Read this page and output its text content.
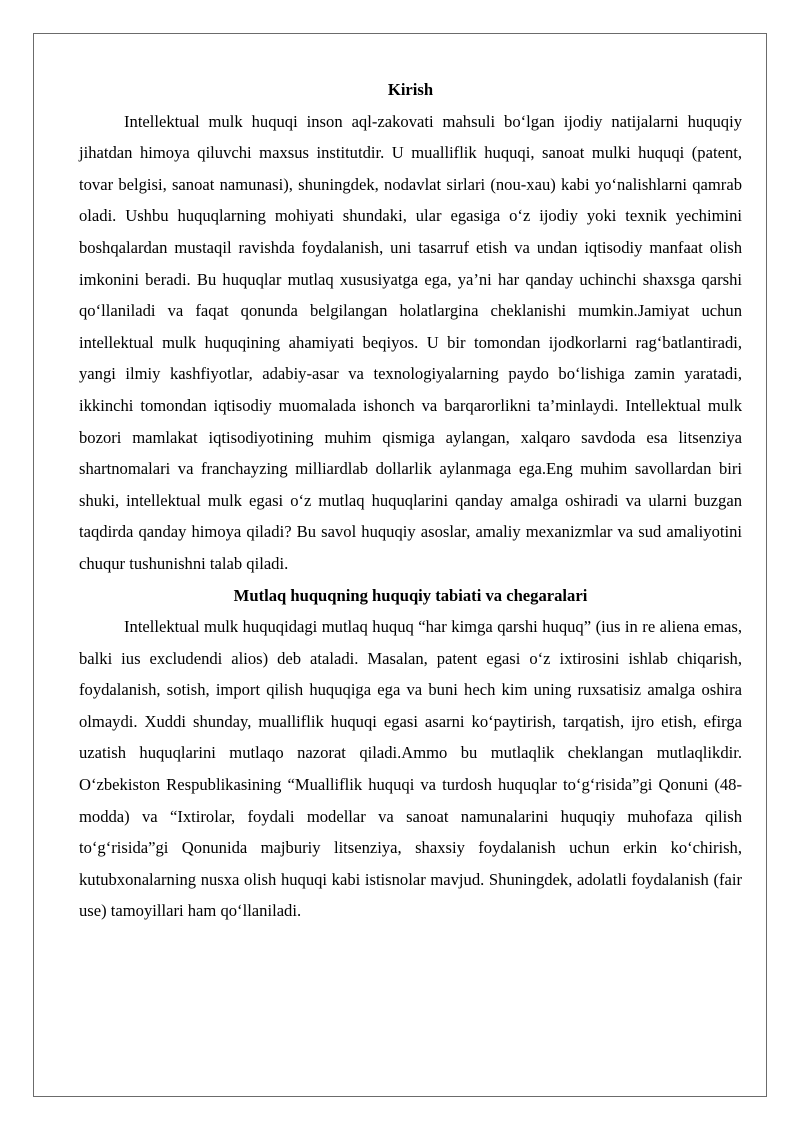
Kirish

Intellektual mulk huquqi inson aql-zakovati mahsuli bo‘lgan ijodiy natijalarni huquqiy jihatdan himoya qiluvchi maxsus institutdir. U mualliflik huquqi, sanoat mulki huquqi (patent, tovar belgisi, sanoat namunasi), shuningdek, nodavlat sirlari (nou-xau) kabi yo‘nalishlarni qamrab oladi. Ushbu huquqlarning mohiyati shundaki, ular egasiga o‘z ijodiy yoki texnik yechimini boshqalardan mustaqil ravishda foydalanish, uni tasarruf etish va undan iqtisodiy manfaat olish imkonini beradi. Bu huquqlar mutlaq xususiyatga ega, ya’ni har qanday uchinchi shaxsga qarshi qo‘llaniladi va faqat qonunda belgilangan holatlargina cheklanishi mumkin.Jamiyat uchun intellektual mulk huquqining ahamiyati beqiyos. U bir tomondan ijodkorlarni rag‘batlantiradi, yangi ilmiy kashfiyotlar, adabiy-asar va texnologiyalarning paydo bo‘lishiga zamin yaratadi, ikkinchi tomondan iqtisodiy muomalada ishonch va barqarorlikni ta’minlaydi. Intellektual mulk bozori mamlakat iqtisodiyotining muhim qismiga aylangan, xalqaro savdoda esa litsenziya shartnomalari va franchayzing milliardlab dollarlik aylanmaga ega.Eng muhim savollardan biri shuki, intellektual mulk egasi o‘z mutlaq huquqlarini qanday amalga oshiradi va ularni buzgan taqdirda qanday himoya qiladi? Bu savol huquqiy asoslar, amaliy mexanizmlar va sud amaliyotini chuqur tushunishni talab qiladi.

Mutlaq huquqning huquqiy tabiati va chegaralari

Intellektual mulk huquqidagi mutlaq huquq “har kimga qarshi huquq” (ius in re aliena emas, balki ius excludendi alios) deb ataladi. Masalan, patent egasi o‘z ixtirosini ishlab chiqarish, foydalanish, sotish, import qilish huquqiga ega va buni hech kim uning ruxsatisiz amalga oshira olmaydi. Xuddi shunday, mualliflik huquqi egasi asarni ko‘paytirish, tarqatish, ijro etish, efirga uzatish huquqlarini mutlaqo nazorat qiladi.Ammo bu mutlaqlik cheklangan mutlaqlikdir. O‘zbekiston Respublikasining “Mualliflik huquqi va turdosh huquqlar to‘g‘risida”gi Qonuni (48-modda) va “Ixtirolar, foydali modellar va sanoat namunalarini huquqiy muhofaza qilish to‘g‘risida”gi Qonunida majburiy litsenziya, shaxsiy foydalanish uchun erkin ko‘chirish, kutubxonalarning nusxa olish huquqi kabi istisnolar mavjud. Shuningdek, adolatli foydalanish (fair use) tamoyillari ham qo‘llaniladi.
